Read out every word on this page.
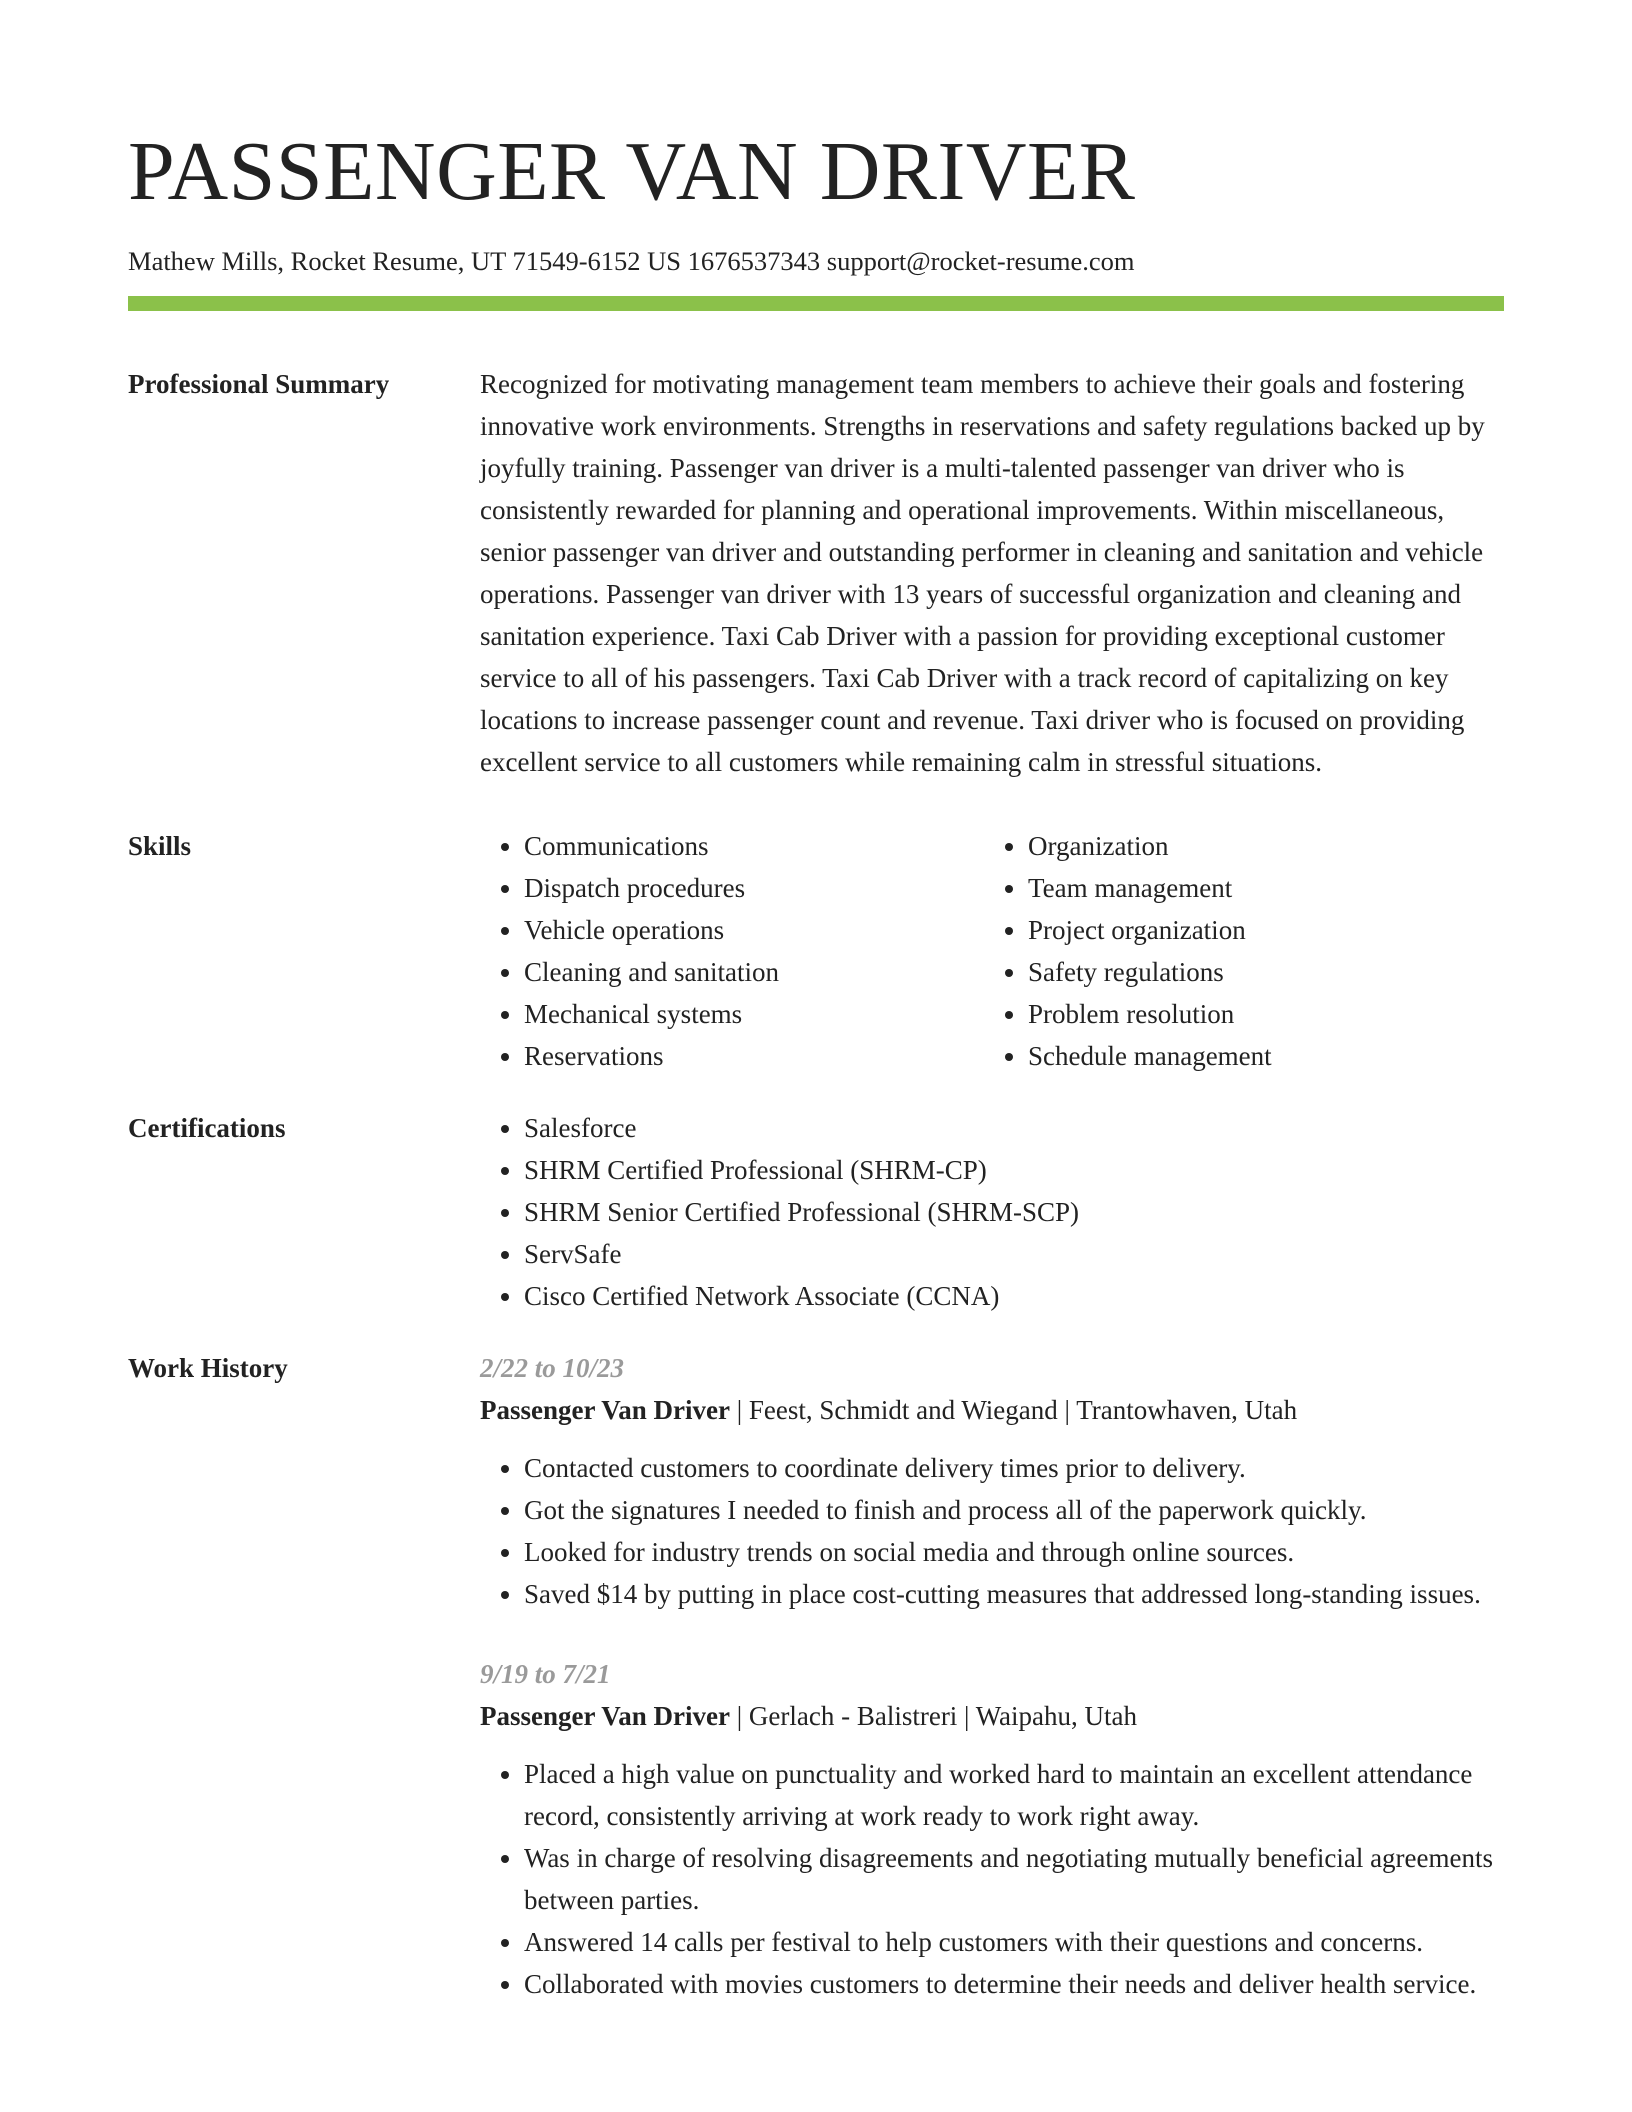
PASSENGER VAN DRIVER
Mathew Mills, Rocket Resume, UT 71549-6152 US 1676537343 support@rocket-resume.com
Professional Summary	Recognized for motivating management team members to achieve their goals and fostering innovative work environments. Strengths in reservations and safety regulations backed up by joyfully training. Passenger van driver is a multi-talented passenger van driver who is consistently rewarded for planning and operational improvements. Within miscellaneous, senior passenger van driver and outstanding performer in cleaning and sanitation and vehicle operations. Passenger van driver with 13 years of successful organization and cleaning and sanitation experience. Taxi Cab Driver with a passion for providing exceptional customer service to all of his passengers. Taxi Cab Driver with a track record of capitalizing on key locations to increase passenger count and revenue. Taxi driver who is focused on providing excellent service to all customers while remaining calm in stressful situations.

Skills	• Communications
• Dispatch procedures
• Vehicle operations
• Cleaning and sanitation
• Mechanical systems
• Reservations
• Organization
• Team management
• Project organization
• Safety regulations
• Problem resolution
• Schedule management
Certifications	• Salesforce
• SHRM Certified Professional (SHRM-CP)
• SHRM Senior Certified Professional (SHRM-SCP)
• ServSafe
• Cisco Certified Network Associate (CCNA)
Work History	2/22 to 10/23
Passenger Van Driver | Feest, Schmidt and Wiegand | Trantowhaven, Utah
• Contacted customers to coordinate delivery times prior to delivery.
• Got the signatures I needed to finish and process all of the paperwork quickly.
• Looked for industry trends on social media and through online sources.
• Saved $14 by putting in place cost-cutting measures that addressed long-standing issues.
9/19 to 7/21
Passenger Van Driver | Gerlach - Balistreri | Waipahu, Utah
• Placed a high value on punctuality and worked hard to maintain an excellent attendance record, consistently arriving at work ready to work right away.
• Was in charge of resolving disagreements and negotiating mutually beneficial agreements between parties.
• Answered 14 calls per festival to help customers with their questions and concerns.
• Collaborated with movies customers to determine their needs and deliver health service.
